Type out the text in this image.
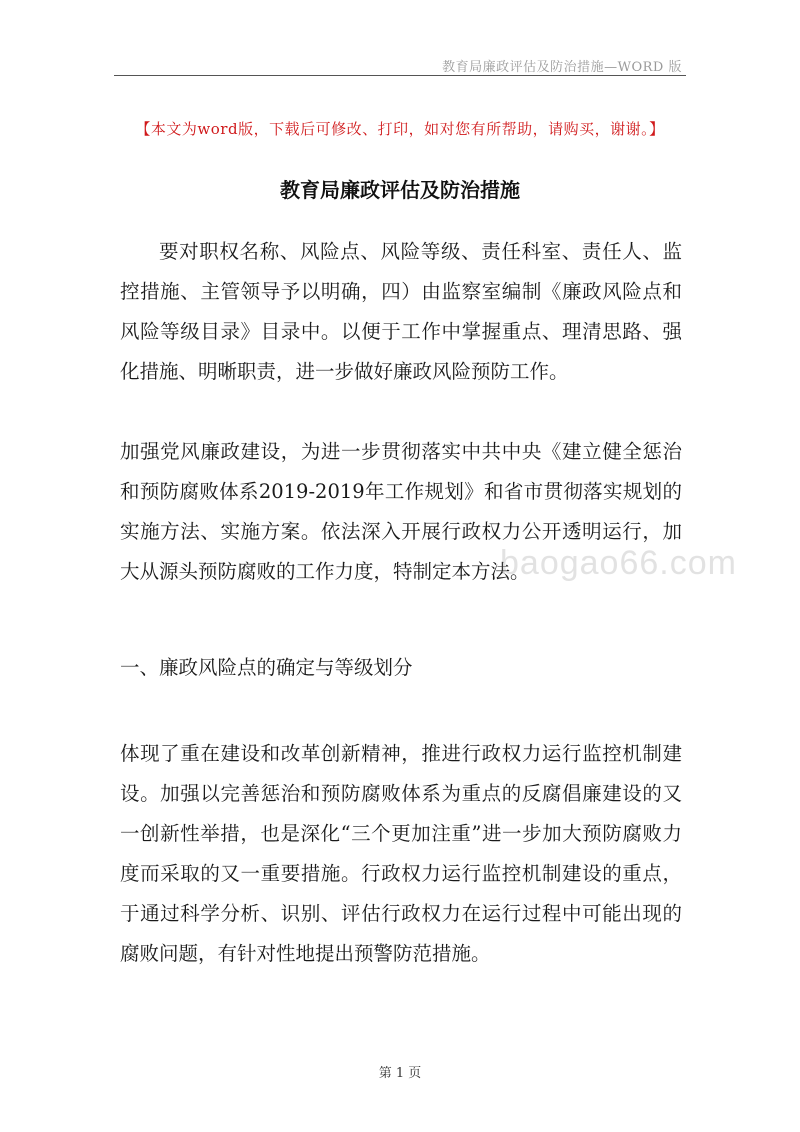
教育局廉政评估及防治措施—WORD 版
【本文为word版，下载后可修改、打印，如对您有所帮助，请购买，谢谢。】
教育局廉政评估及防治措施
要对职权名称、风险点、风险等级、责任科室、责任人、监控措施、主管领导予以明确，四）由监察室编制《廉政风险点和风险等级目录》目录中。以便于工作中掌握重点、理清思路、强化措施、明晰职责，进一步做好廉政风险预防工作。
加强党风廉政建设，为进一步贯彻落实中共中央《建立健全惩治和预防腐败体系2019-2019年工作规划》和省市贯彻落实规划的实施方法、实施方案。依法深入开展行政权力公开透明运行，加大从源头预防腐败的工作力度，特制定本方法。
一、廉政风险点的确定与等级划分
体现了重在建设和改革创新精神，推进行政权力运行监控机制建设。加强以完善惩治和预防腐败体系为重点的反腐倡廉建设的又一创新性举措，也是深化“三个更加注重”进一步加大预防腐败力度而采取的又一重要措施。行政权力运行监控机制建设的重点，于通过科学分析、识别、评估行政权力在运行过程中可能出现的腐败问题，有针对性地提出预警防范措施。
baogao66.com
第 1 页
